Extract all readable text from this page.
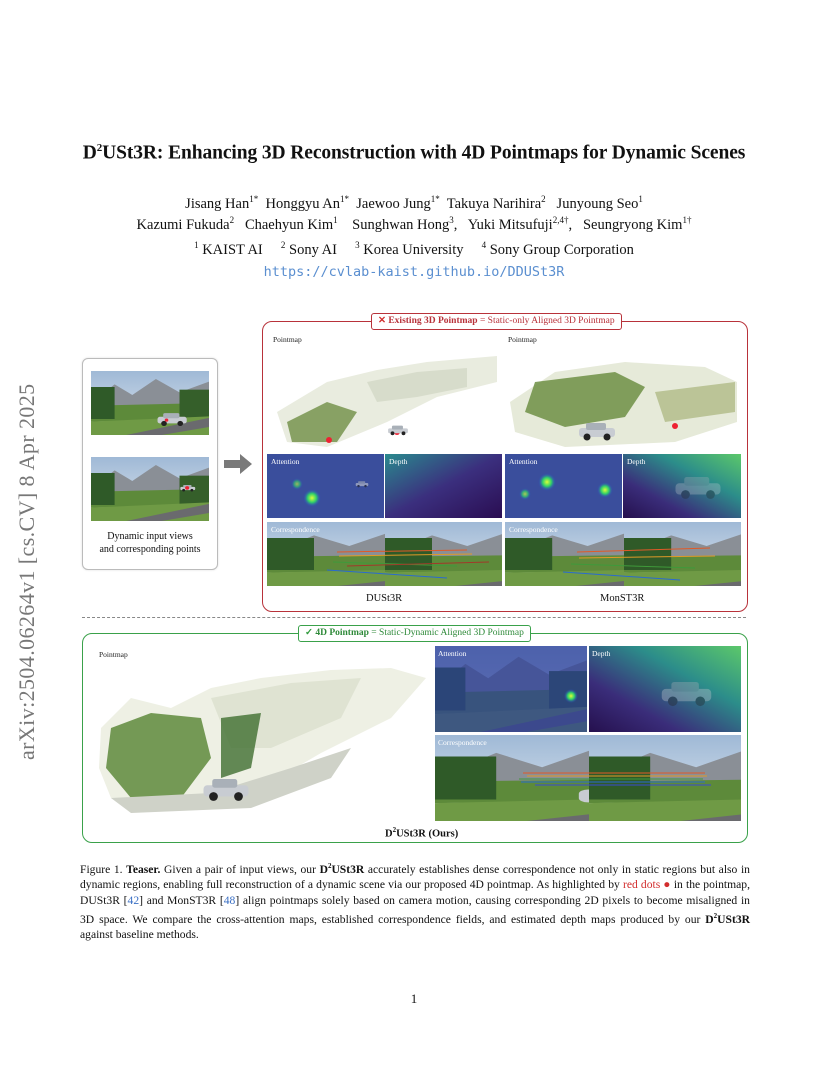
arXiv:2504.06264v1 [cs.CV] 8 Apr 2025
$D^2USt3R$: Enhancing 3D Reconstruction with 4D Pointmaps for Dynamic Scenes
Jisang Han$^{1*}$ Honggyu $An^{1*}$ Jaewoo Jung$^{1*}$ Takuya Narihira$^2$ Junyoung Seo$^1$
Kazumi Fukuda$^2$ Chaehyun Kim$^1$ Sunghwan Hong$^3$, Yuki Mitsufuji$^{2,4\dagger}$, Seungryong Kim$^{1\dagger}$
$^1$ KAIST AI $^2$ Sony AI $^3$ Korea University $^4$ Sony Group Corporation
https://cvlab-kaist.github.io/DDUSt3R
Dynamic input views
and corresponding points
✕ Existing 3D Pointmap = Static-only Aligned 3D Pointmap
Pointmap	Pointmap
Attention	Depth	Attention	Depth
Correspondence	Correspondence
DUSt3R	MonST3R
✓ 4D Pointmap = Static-Dynamic Aligned 3D Pointmap
Pointmap	Attention	Depth
Correspondence
$D^2USt3R$ (Ours)
Figure 1. Teaser. Given a pair of input views, our $D^2USt3R$ accurately establishes dense correspondence not only in static regions but also in dynamic regions, enabling full reconstruction of a dynamic scene via our proposed 4D pointmap. As highlighted by red dots ● in the pointmap, DUSt3R [42] and MonST3R [48] align pointmaps solely based on camera motion, causing corresponding 2D pixels to become misaligned in 3D space. We compare the cross-attention maps, established correspondence fields, and estimated depth maps produced by our $D^2USt3R$ against baseline methods.
1
